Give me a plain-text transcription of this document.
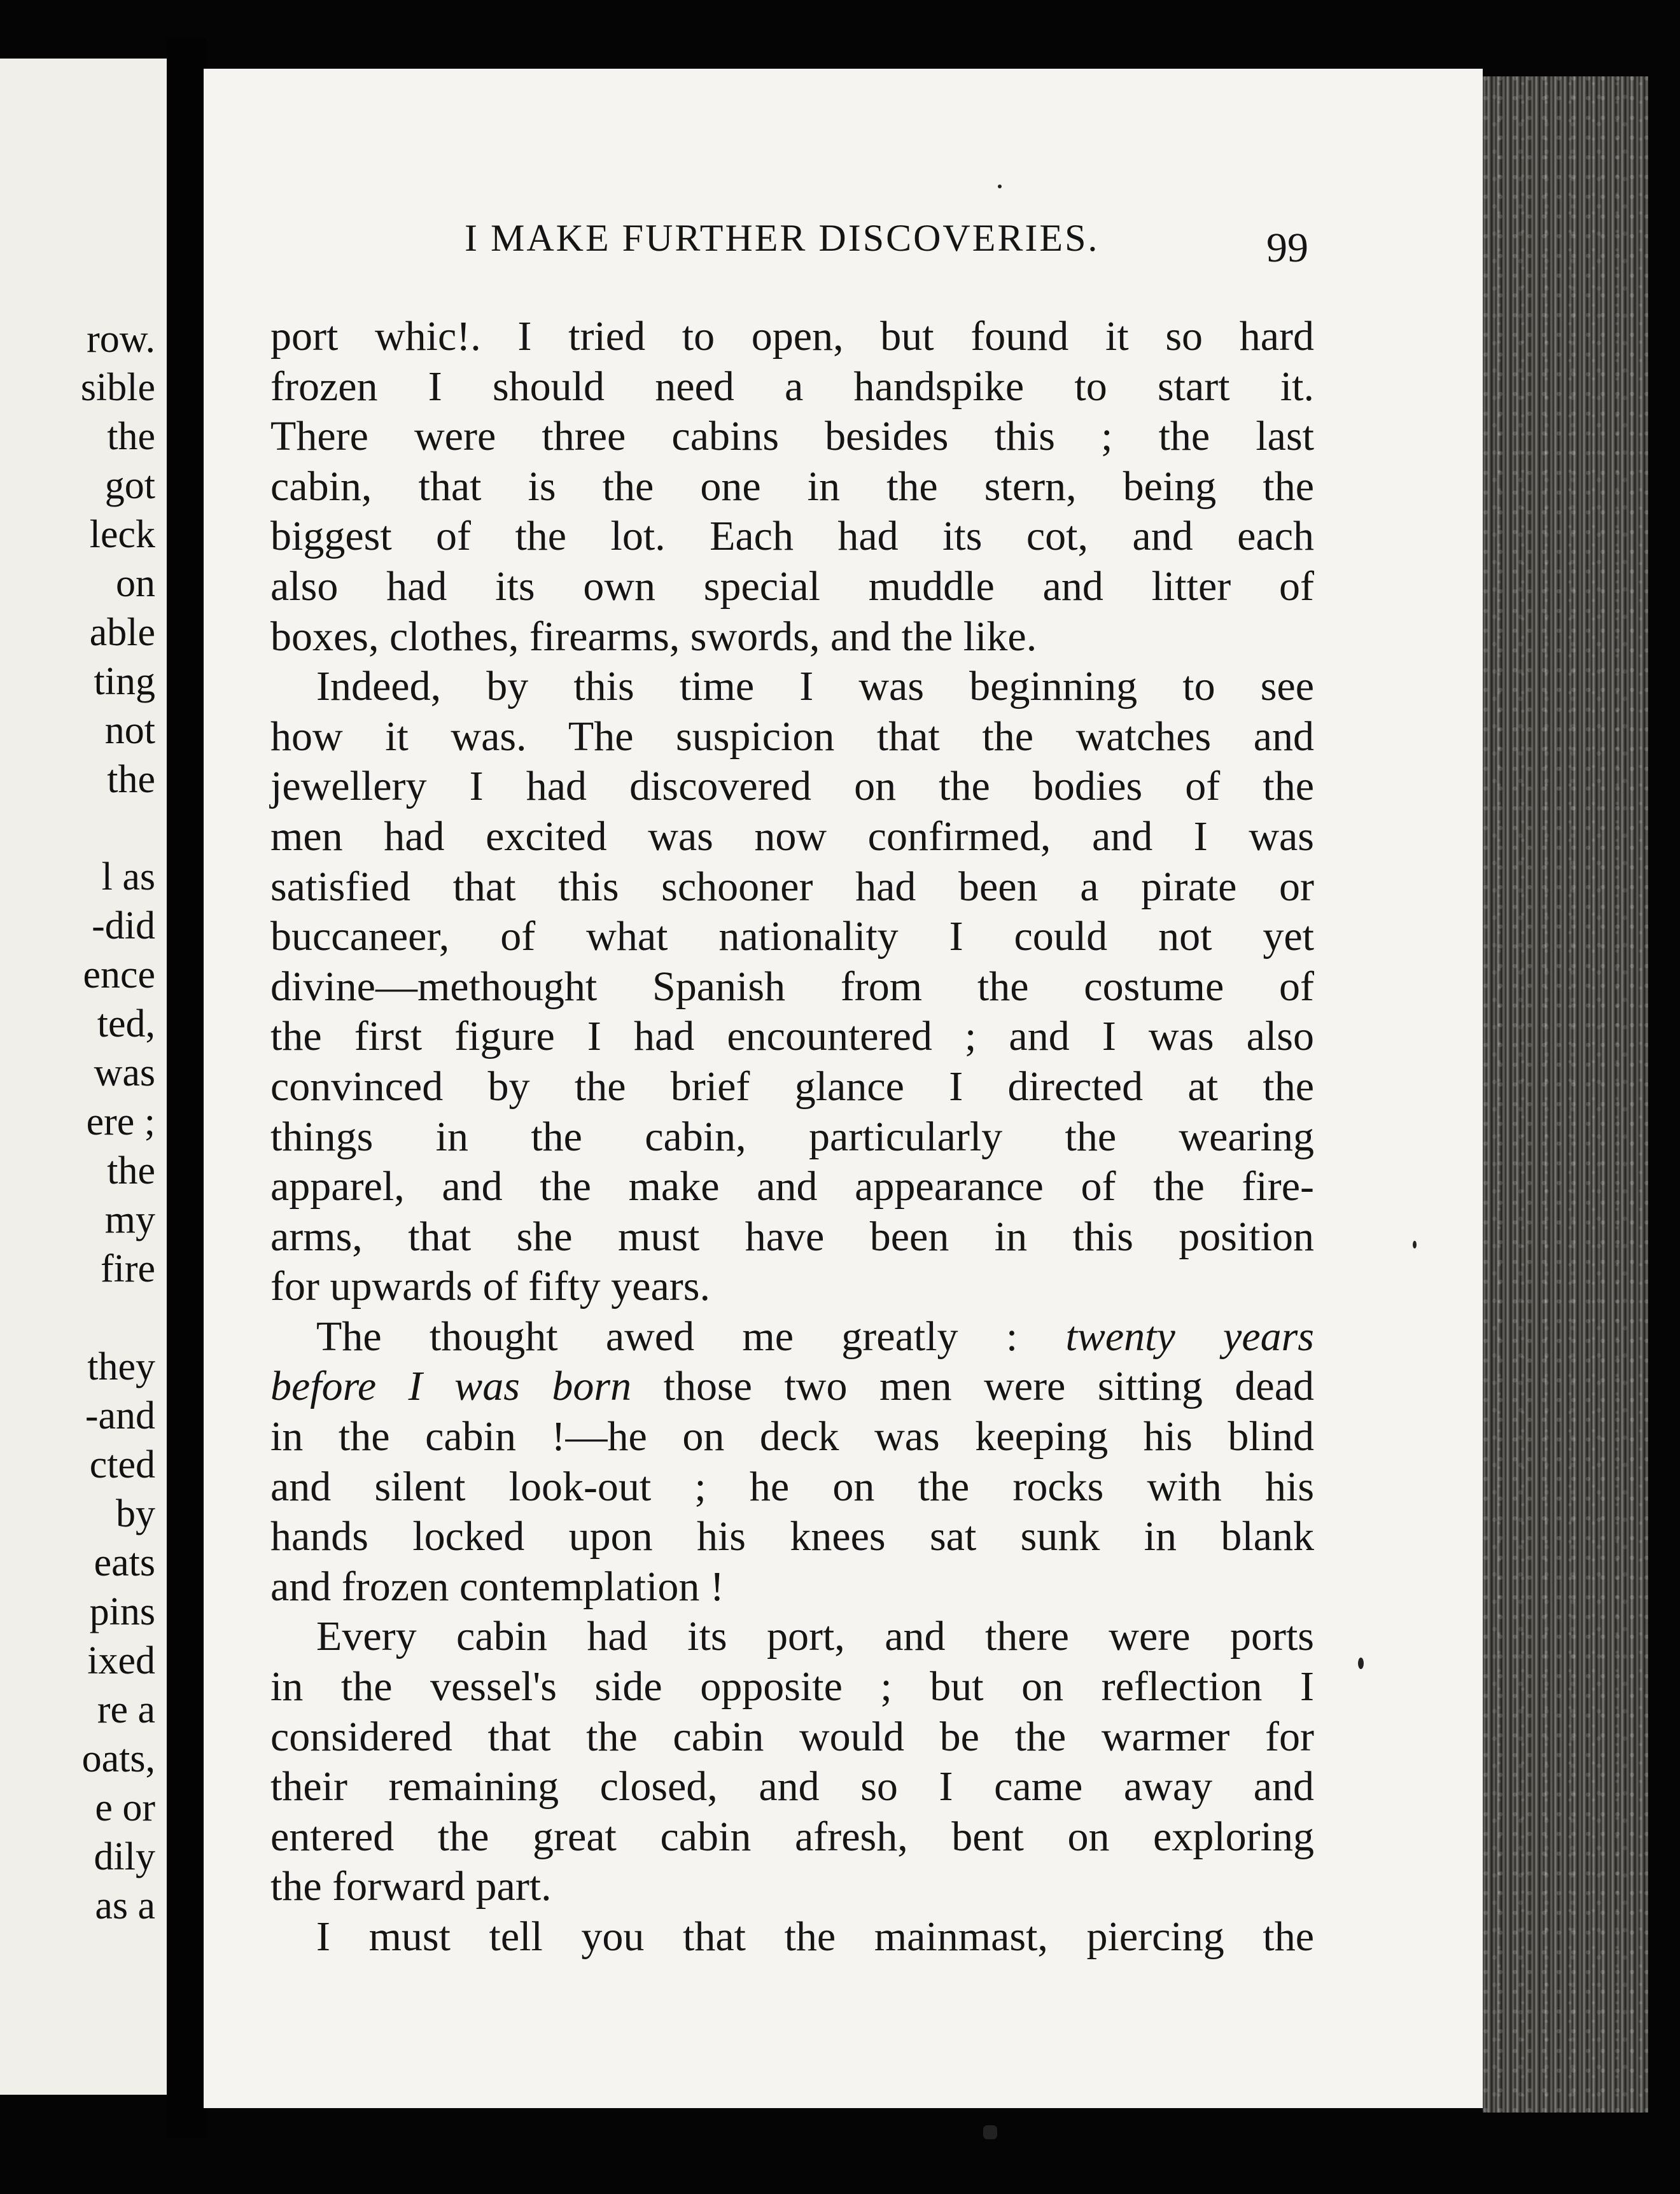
row.
sible
the
got
leck
on
able
ting
not
the
l as
-did
ence
ted,
was
ere ;
the
my
fire
they
-and
cted
by
eats
pins
ixed
re a
oats,
e or
dily
as a
I MAKE FURTHER DISCOVERIES.	99
port whic!. I tried to open, but found it so hard
frozen I should need a handspike to start it.
There were three cabins besides this ; the last
cabin, that is the one in the stern, being the
biggest of the lot. Each had its cot, and each
also had its own special muddle and litter of
boxes, clothes, firearms, swords, and the like.
Indeed, by this time I was beginning to see
how it was. The suspicion that the watches and
jewellery I had discovered on the bodies of the
men had excited was now confirmed, and I was
satisfied that this schooner had been a pirate or
buccaneer, of what nationality I could not yet
divine—methought Spanish from the costume of
the first figure I had encountered ; and I was also
convinced by the brief glance I directed at the
things in the cabin, particularly the wearing
apparel, and the make and appearance of the fire-
arms, that she must have been in this position
for upwards of fifty years.
The thought awed me greatly : twenty years
before I was born those two men were sitting dead
in the cabin !—he on deck was keeping his blind
and silent look-out ; he on the rocks with his
hands locked upon his knees sat sunk in blank
and frozen contemplation !
Every cabin had its port, and there were ports
in the vessel's side opposite ; but on reflection I
considered that the cabin would be the warmer for
their remaining closed, and so I came away and
entered the great cabin afresh, bent on exploring
the forward part.
I must tell you that the mainmast, piercing the
